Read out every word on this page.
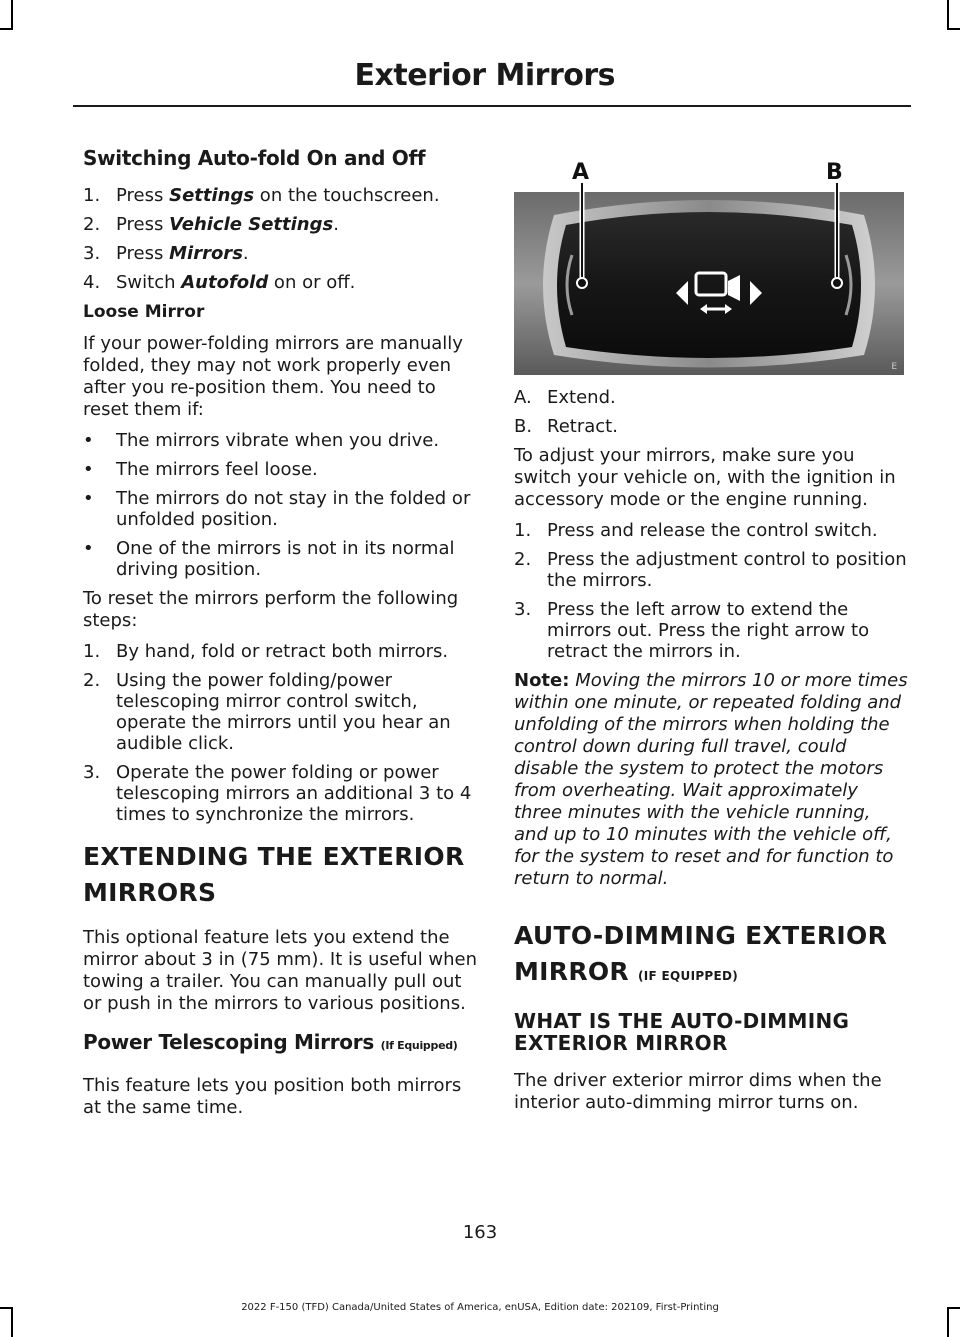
Exterior Mirrors
Switching Auto-fold On and Off
1. Press Settings on the touchscreen.
2. Press Vehicle Settings.
3. Press Mirrors.
4. Switch Autofold on or off.
Loose Mirror

If your power-folding mirrors are manually folded, they may not work properly even after you re-position them. You need to reset them if:

• The mirrors vibrate when you drive.
• The mirrors feel loose.
• The mirrors do not stay in the folded or unfolded position.
• One of the mirrors is not in its normal driving position.

To reset the mirrors perform the following steps:

1. By hand, fold or retract both mirrors.
2. Using the power folding/power telescoping mirror control switch, operate the mirrors until you hear an audible click.
3. Operate the power folding or power telescoping mirrors an additional 3 to 4 times to synchronize the mirrors.
EXTENDING THE EXTERIOR
MIRRORS

This optional feature lets you extend the mirror about 3 in (75 mm). It is useful when towing a trailer. You can manually pull out or push in the mirrors to various positions.

Power Telescoping Mirrors (If Equipped)

This feature lets you position both mirrors at the same time.

A	B
E
A. Extend.
B. Retract.

To adjust your mirrors, make sure you switch your vehicle on, with the ignition in accessory mode or the engine running.

1. Press and release the control switch.
2. Press the adjustment control to position the mirrors.
3. Press the left arrow to extend the mirrors out. Press the right arrow to retract the mirrors in.

Note: Moving the mirrors 10 or more times within one minute, or repeated folding and unfolding of the mirrors when holding the control down during full travel, could disable the system to protect the motors from overheating. Wait approximately three minutes with the vehicle running, and up to 10 minutes with the vehicle off, for the system to reset and for function to return to normal.

AUTO-DIMMING EXTERIOR
MIRROR (IF EQUIPPED)
WHAT IS THE AUTO-DIMMING EXTERIOR MIRROR

The driver exterior mirror dims when the interior auto-dimming mirror turns on.

163
2022 F-150 (TFD) Canada/United States of America, enUSA, Edition date: 202109, First-Printing
